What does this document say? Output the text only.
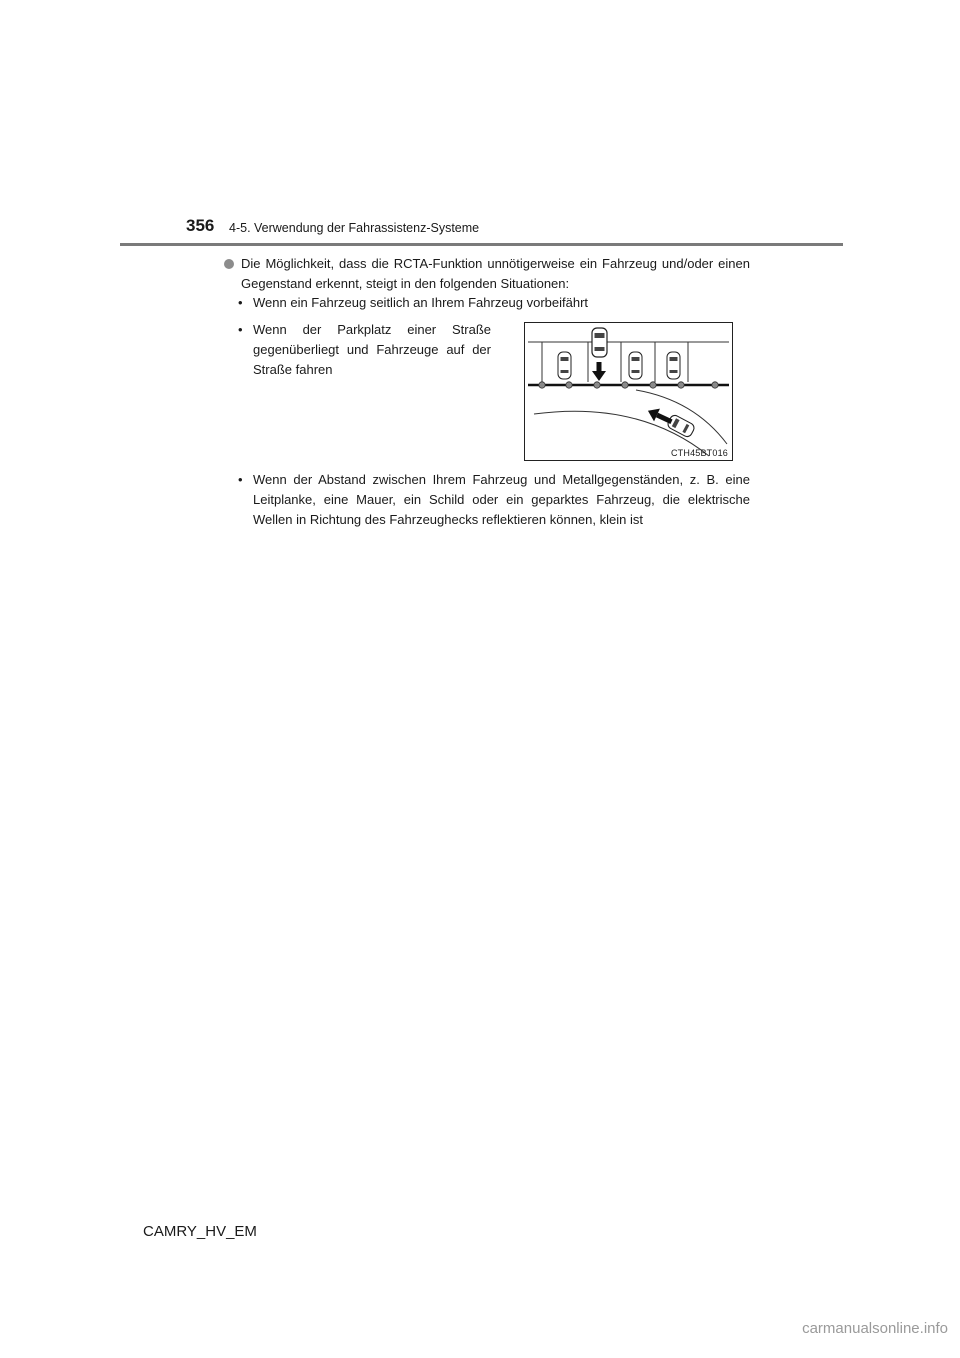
356 4-5. Verwendung der Fahrassistenz-Systeme
Die Möglichkeit, dass die RCTA-Funktion unnötigerweise ein Fahrzeug und/oder einen Gegenstand erkennt, steigt in den folgenden Situationen:
• Wenn ein Fahrzeug seitlich an Ihrem Fahrzeug vorbeifährt
• Wenn der Parkplatz einer Straße gegenüberliegt und Fahrzeuge auf der Straße fahren
CTH45BT016
• Wenn der Abstand zwischen Ihrem Fahrzeug und Metallgegenständen, z. B. eine Leitplanke, eine Mauer, ein Schild oder ein geparktes Fahrzeug, die elektrische Wellen in Richtung des Fahrzeughecks reflektieren können, klein ist
CAMRY_HV_EM
carmanualsonline.info
